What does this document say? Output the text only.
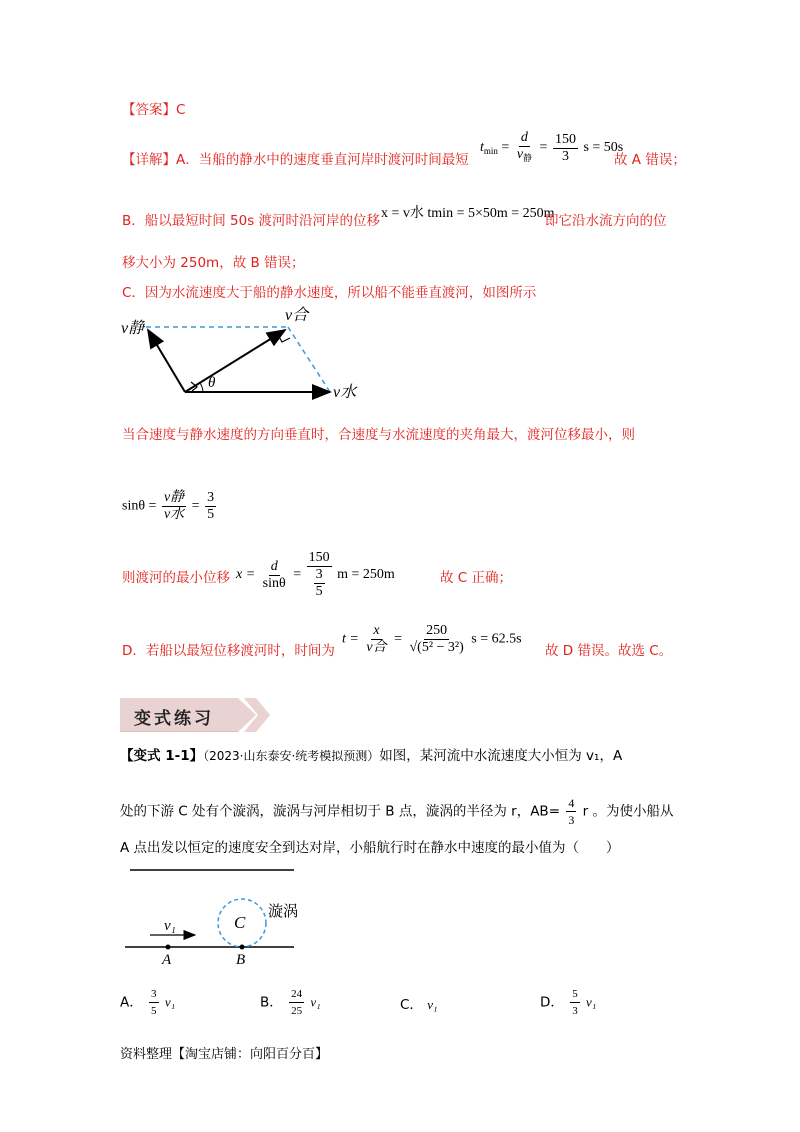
【答案】C
【详解】A．当船的静水中的速度垂直河岸时渡河时间最短
$t_{min} = \frac{d}{v_静} = \frac{150}{3}$ s = 50s
故 A 错误；
B．船以最短时间 50s 渡河时沿河岸的位移 x = v水 tmin = 5×50m = 250m
即它沿水流方向的位
移大小为 250m，故 B 错误；
C．因为水流速度大于船的静水速度，所以船不能垂直渡河，如图所示
θ
v静
v合
v水
当合速度与静水速度的方向垂直时，合速度与水流速度的夹角最大，渡河位移最小，则
$\sin\theta = \frac{\text{v静}}{\text{v水}} = \frac{3}{5}$
则渡河的最小位移 $x = \frac{d}{\sin\theta}$ =
150
3
5
m = 250m	故 C 正确；
D．若船以最短位移渡河时，时间为
$t = \frac{x}{\text{v合}} = \frac{250}{\text{√(5² − 3²)}}$ s = 62.5s
故 D 错误。故选 C。
变式练习
【变式 1-1】（2023·山东泰安·统考模拟预测）如图，某河流中水流速度大小恒为 v₁，A
处的下游 C 处有个漩涡，漩涡与河岸相切于 B 点，漩涡的半径为 r，$AB= \frac{4}{3}$ r 。为使小船从
A 点出发以恒定的速度安全到达对岸，小船航行时在静水中速度的最小值为（　　）
v₁	C
漩涡
A	B
A． $\frac{3}{5} v_1$	B． $\frac{24}{25} v_1$	C． v₁	D． $\frac{5}{3} v_1$
资料整理【淘宝店铺：向阳百分百】
